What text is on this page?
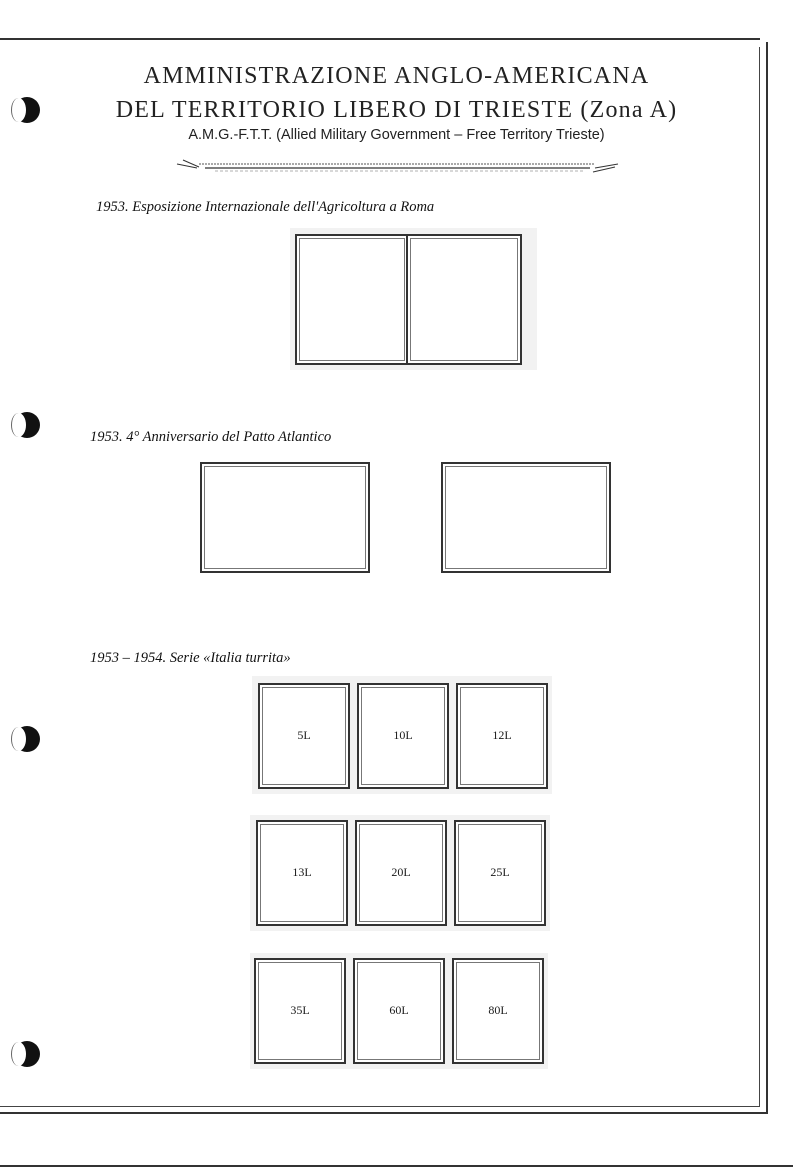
AMMINISTRAZIONE ANGLO-AMERICANA
DEL TERRITORIO LIBERO DI TRIESTE (Zona A)
A.M.G.-F.T.T. (Allied Military Government – Free Territory Trieste)
1953. Esposizione Internazionale dell'Agricoltura a Roma
1953. 4° Anniversario del Patto Atlantico
1953 – 1954. Serie «Italia turrita»
5L	10L	12L
13L	20L	25L
35L	60L	80L
